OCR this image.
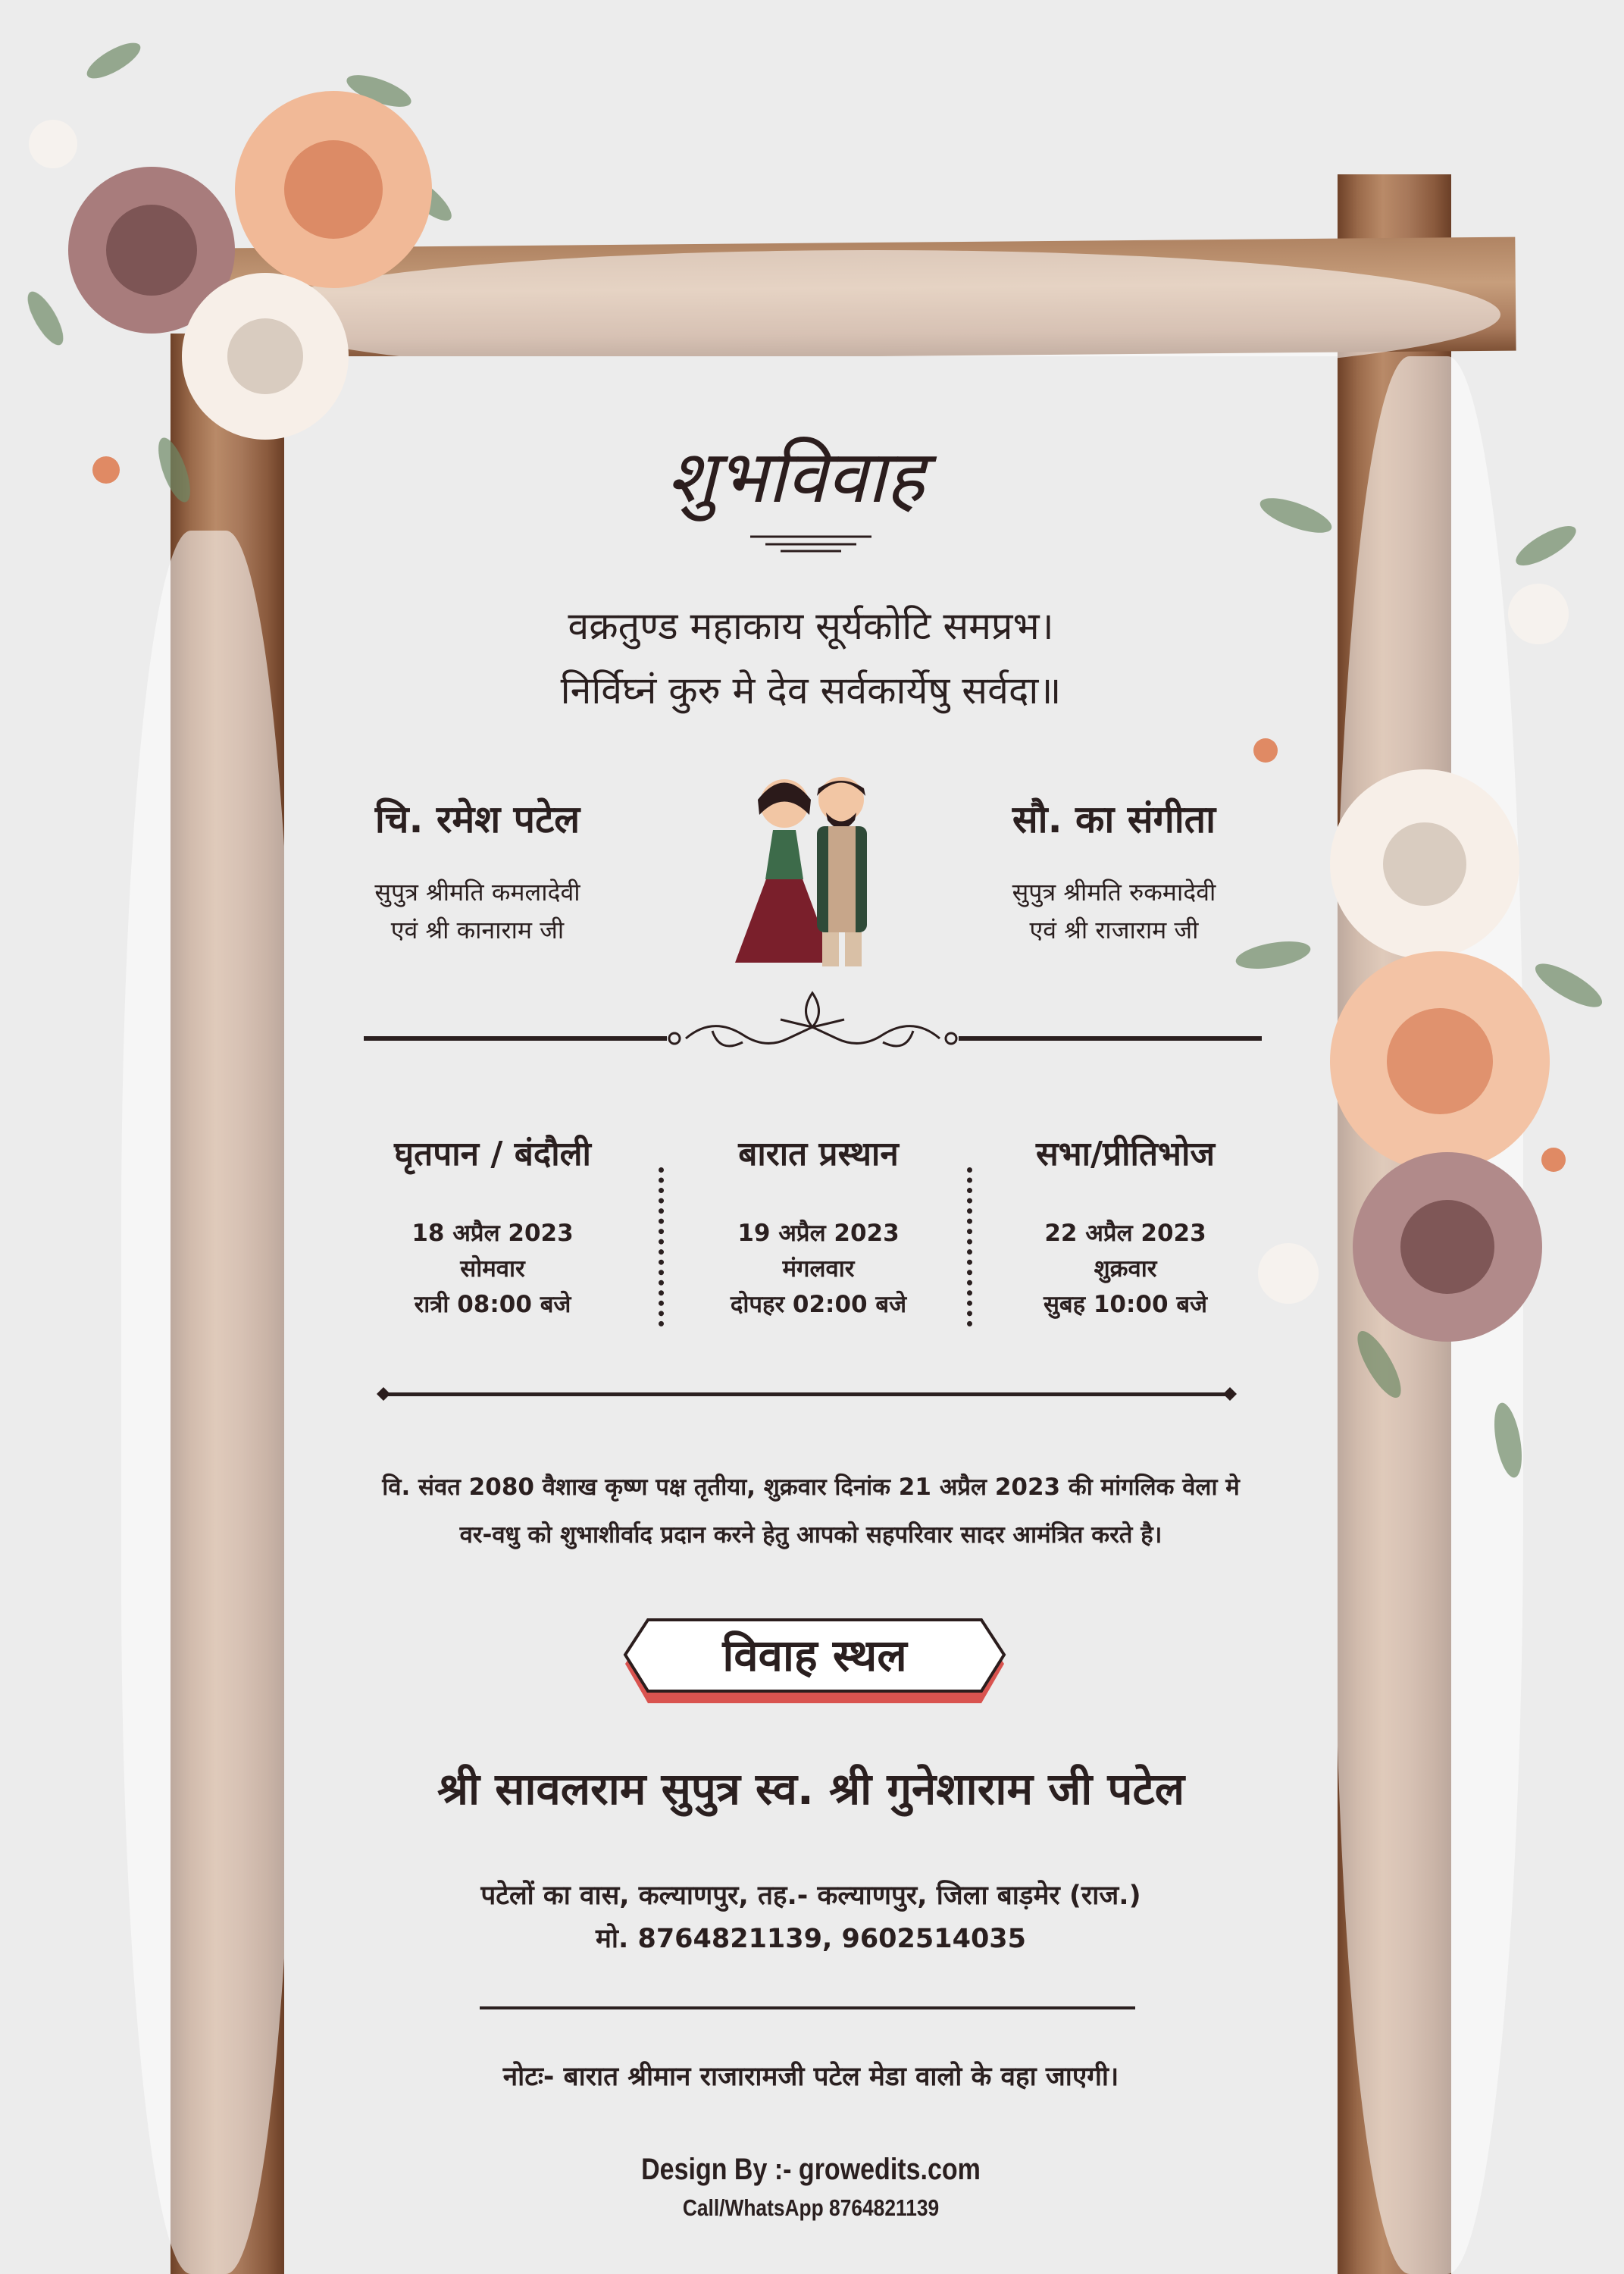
शुभविवाह
वक्रतुण्ड महाकाय सूर्यकोटि समप्रभ।
निर्विघ्नं कुरु मे देव सर्वकार्येषु सर्वदा॥
चि. रमेश पटेल
सुपुत्र श्रीमति कमलादेवी
एवं श्री कानाराम जी
सौ. का संगीता
सुपुत्र श्रीमति रुकमादेवी
एवं श्री राजाराम जी
घृतपान / बंदौली
18 अप्रैल 2023
सोमवार
रात्री 08:00 बजे
बारात प्रस्थान
19 अप्रैल 2023
मंगलवार
दोपहर 02:00 बजे
सभा/प्रीतिभोज
22 अप्रैल 2023
शुक्रवार
सुबह 10:00 बजे
वि. संवत 2080 वैशाख कृष्ण पक्ष तृतीया, शुक्रवार दिनांक 21 अप्रैल 2023 की मांगलिक वेला मे
वर-वधु को शुभाशीर्वाद प्रदान करने हेतु आपको सहपरिवार सादर आमंत्रित करते है।
विवाह स्थल
श्री सावलराम सुपुत्र स्व. श्री गुनेशाराम जी पटेल
पटेलों का वास, कल्याणपुर, तह.- कल्याणपुर, जिला बाड़मेर (राज.)
मो. 8764821139, 9602514035
नोटः- बारात श्रीमान राजारामजी पटेल मेडा वालो के वहा जाएगी।
Design By :- growedits.com
Call/WhatsApp 8764821139
